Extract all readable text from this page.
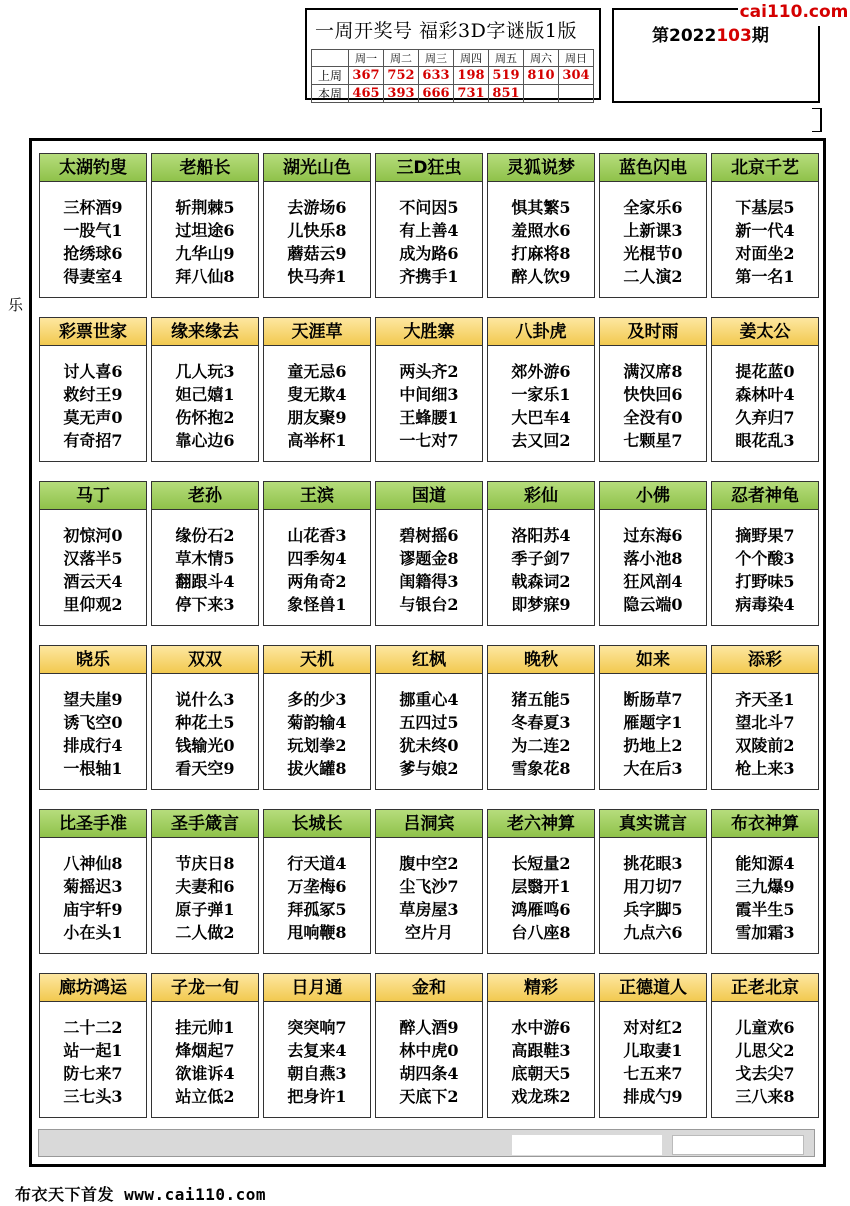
一周开奖号 福彩3D字谜版1版
	周一	周二	周三	周四	周五	周六	周日
上周	367	752	633	198	519	810	304
本周	465	393	666	731	851		
第2022103期
cai110.com
乐
太湖钓叟
三杯酒9
一股气1
抢绣球6
得妻室4
老船长
斩荆棘5
过坦途6
九华山9
拜八仙8
湖光山色
去游场6
儿快乐8
蘑菇云9
快马奔1
三D狂虫
不问因5
有上善4
成为路6
齐携手1
灵狐说梦
惧其繁5
羞照水6
打麻将8
醉人饮9
蓝色闪电
全家乐6
上新课3
光棍节0
二人演2
北京千艺
下基层5
新一代4
对面坐2
第一名1
彩票世家
讨人喜6
救纣王9
莫无声0
有奇招7
缘来缘去
几人玩3
妲己嬉1
伤怀抱2
靠心边6
天涯草
童无忌6
叟无欺4
朋友聚9
高举杯1
大胜寨
两头齐2
中间细3
王蜂腰1
一七对7
八卦虎
郊外游6
一家乐1
大巴车4
去又回2
及时雨
满汉席8
快快回6
全没有0
七颗星7
姜太公
提花蓝0
森林叶4
久弃归7
眼花乱3
马丁
初惊河0
汉落半5
酒云天4
里仰观2
老孙
缘份石2
草木情5
翻跟斗4
停下来3
王滨
山花香3
四季匆4
两角奇2
象怪兽1
国道
碧树摇6
谬题金8
闺籍得3
与银台2
彩仙
洛阳苏4
季子剑7
戟森词2
即梦寐9
小佛
过东海6
落小池8
狂风剖4
隐云端0
忍者神龟
摘野果7
个个酸3
打野味5
病毒染4
晓乐
望夫崖9
诱飞空0
排成行4
一根轴1
双双
说什么3
种花土5
钱输光0
看天空9
天机
多的少3
菊韵输4
玩划拳2
拔火罐8
红枫
挪重心4
五四过5
犹未终0
爹与娘2
晚秋
猪五能5
冬春夏3
为二连2
雪象花8
如来
断肠草7
雁题字1
扔地上2
大在后3
添彩
齐天圣1
望北斗7
双陵前2
枪上来3
比圣手准
八神仙8
菊摇迟3
庙宇轩9
小在头1
圣手箴言
节庆日8
夫妻和6
原子弹1
二人做2
长城长
行天道4
万垄梅6
拜孤冢5
甩响鞭8
吕洞宾
腹中空2
尘飞沙7
草房屋3
空片月
老六神算
长短量2
层翳开1
鸿雁鸣6
台八座8
真实谎言
挑花眼3
用刀切7
兵字脚5
九点六6
布衣神算
能知源4
三九爆9
霞半生5
雪加霜3
廊坊鸿运
二十二2
站一起1
防七来7
三七头3
子龙一旬
挂元帅1
烽烟起7
欲谁诉4
站立低2
日月通
突突响7
去复来4
朝自燕3
把身许1
金和
醉人酒9
林中虎0
胡四条4
天底下2
精彩
水中游6
高跟鞋3
底朝天5
戏龙珠2
正德道人
对对红2
儿取妻1
七五来7
排成勺9
正老北京
儿童欢6
儿思父2
戈去尖7
三八来8
布衣天下首发 www.cai110.com
